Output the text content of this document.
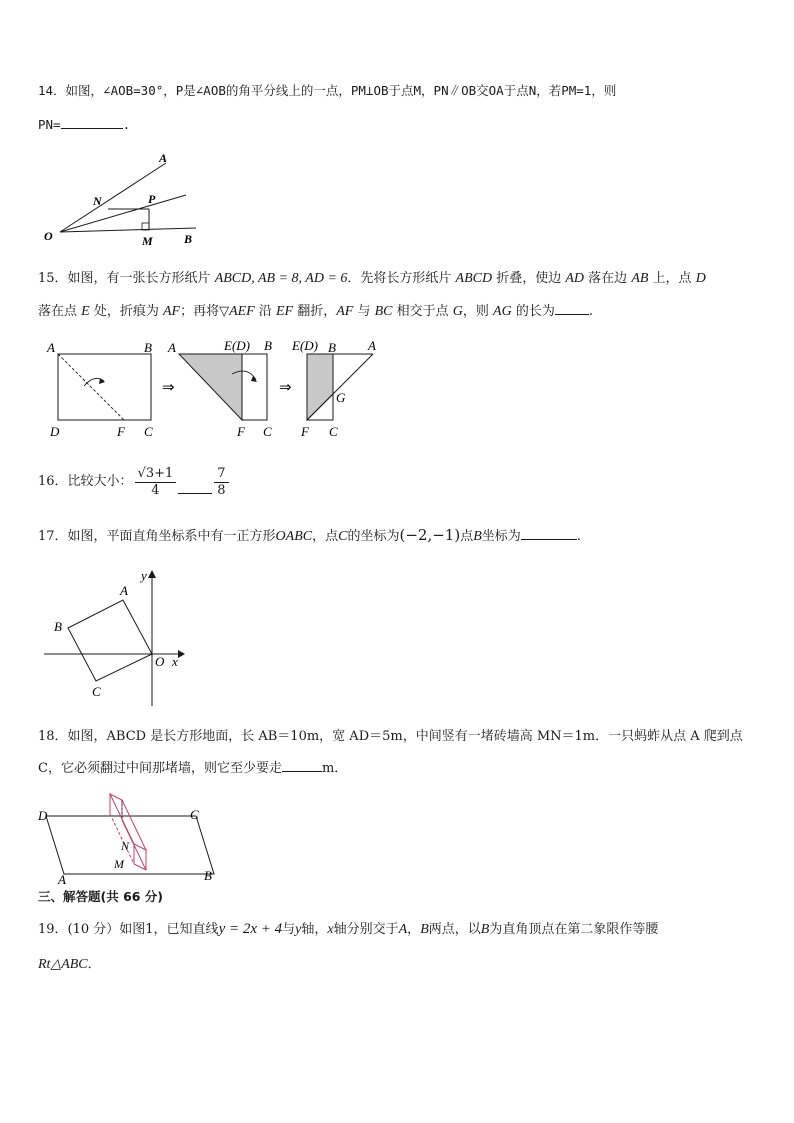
14．如图，∠AOB=30°，P是∠AOB的角平分线上的一点，PM⊥OB于点M，PN∥OB交OA于点N，若PM=1，则
PN=	.
A
N	P
O	M	B
15．如图，有一张长方形纸片 ABCD, AB = 8, AD = 6．先将长方形纸片 ABCD 折叠，使边 AD 落在边 AB 上，点 D
落在点 E 处，折痕为 AF；再将▽AEF 沿 EF 翻折，AF 与 BC 相交于点 G，则 AG 的长为	.
A	B
D	F C
⇒
A	E(D) B
F C
⇒
E(D) B A
G
F C
16．比较大小： $\frac{√3+1}{4}$	$\frac{7}{8}$
17．如图，平面直角坐标系中有一正方形OABC，点C的坐标为(−2,−1)点B坐标为	.
y
A
B
O x
C
18．如图，ABCD 是长方形地面，长 AB＝10m，宽 AD＝5m，中间竖有一堵砖墙高 MN＝1m．一只蚂蚱从点 A 爬到点
C，它必须翻过中间那堵墙，则它至少要走	m．
D	C
N
M
A	B
三、解答题(共 66 分)
19．(10 分）如图1，已知直线y = 2x + 4与y轴，x轴分别交于A，B两点，以B为直角顶点在第二象限作等腰
Rt△ABC．
